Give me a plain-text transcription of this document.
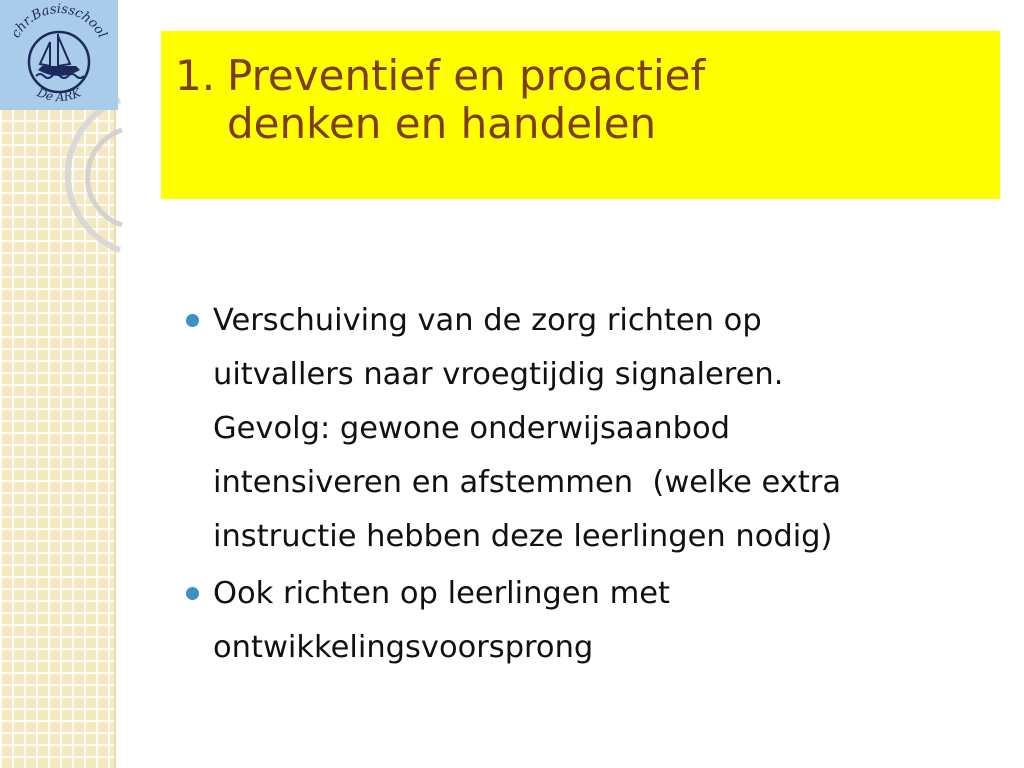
chr.Basisschool
De ARK 1. Preventief en proactief
denken en handelen
Verschuiving van de zorg richten op
uitvallers naar vroegtijdig signaleren.
Gevolg: gewone onderwijsaanbod
intensiveren en afstemmen  (welke extra
instructie hebben deze leerlingen nodig)
Ook richten op leerlingen met
ontwikkelingsvoorsprong
